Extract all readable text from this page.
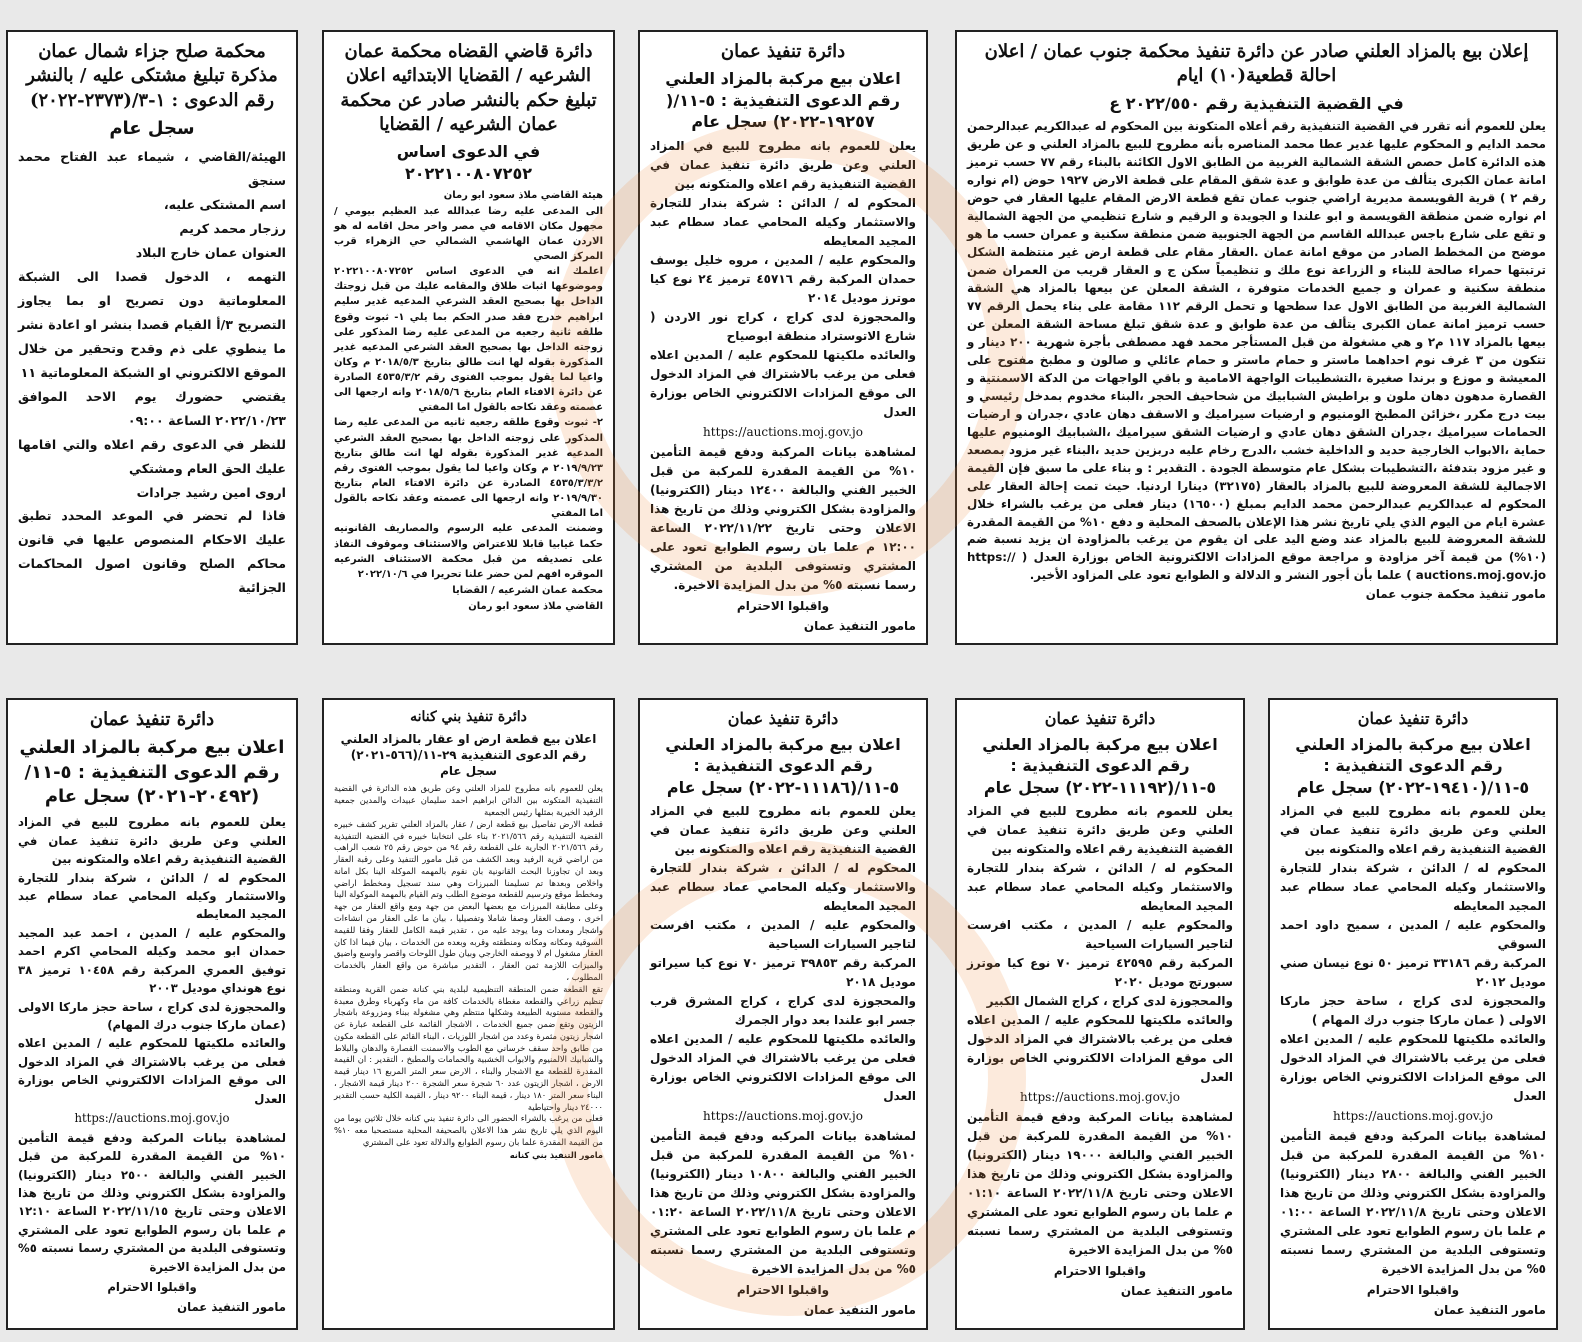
إعلان بيع بالمزاد العلني صادر عن دائرة تنفيذ محكمة جنوب عمان / اعلان احالة قطعية(١٠) ايام
في القضية التنفيذية رقم ٢٠٢٢/٥٥٠ ع

يعلن للعموم أنه تقرر في القضية التنفيذية رقم أعلاه المتكونة بين المحكوم له عبدالكريم عبدالرحمن محمد الدايم و المحكوم عليها غدير عطا محمد المناصره بأنه مطروح للبيع بالمزاد العلني و عن طريق هذه الدائرة كامل حصص الشقة الشمالية الغربية من الطابق الاول الكائنة بالبناء رقم ٧٧ حسب ترميز امانة عمان الكبرى يتألف من عدة طوابق و عدة شقق المقام على قطعة الارض ١٩٢٧ حوض (ام نواره رقم ٢ ) قرية القويسمة مديرية اراضي جنوب عمان تقع قطعة الارض المقام عليها العقار في حوض ام نواره ضمن منطقة القويسمة و ابو علندا و الجويدة و الرقيم و شارع تنظيمي من الجهة الشمالية و تقع على شارع باجس عبدالله القاسم من الجهة الجنوبية ضمن منطقة سكنية و عمران حسب ما هو موضح من المخطط الصادر من موقع امانة عمان .العقار مقام على قطعة ارض غير منتظمة الشكل ترتبتها حمراء صالحة للبناء و الزراعة نوع ملك و تنظيمياً سكن ج و العقار قريب من العمران ضمن منطقة سكنية و عمران و جميع الخدمات متوفرة ، الشقة المعلن عن بيعها بالمزاد هي الشقة الشمالية الغربية من الطابق الاول عدا سطحها و تحمل الرقم ١١٢ مقامة على بناء يحمل الرقم ٧٧ حسب ترميز امانة عمان الكبرى يتألف من عدة طوابق و عدة شقق تبلغ مساحة الشقة المعلن عن بيعها بالمزاد ١١٧ م٢ و هي مشغولة من قبل المستأجر محمد فهد مصطفى بأجرة شهرية ٢٠٠ دينار و تتكون من ٣ غرف نوم احداهما ماستر و حمام ماستر و حمام عائلي و صالون و مطبخ مفتوح على المعيشة و موزع و برندا صغيرة ،التشطيبات الواجهة الامامية و باقي الواجهات من الدكة الاسمنتية و القصارة مدهون دهان ملون و براطيش الشبابيك من شحاحيف الحجر ،البناء مخدوم بمدخل رئيسي و بيت درج مكرر ،خزائن المطبخ الومنيوم و ارضيات سيراميك و الاسقف دهان عادي ،جدران و ارضيات الحمامات سيراميك ،جدران الشقق دهان عادي و ارضيات الشقق سيراميك ،الشبابيك الومنيوم عليها حماية ،الابواب الخارجية حديد و الداخلية خشب ،الدرج رخام عليه دربزين حديد ،البناء غير مزود بمصعد و غير مزود بتدفئة ،التشطيبات بشكل عام متوسطة الجودة . التقدير : و بناء على ما سبق فإن القيمة الاجمالية للشقة المعروضة للبيع بالمزاد بالعقار (٣٢١٧٥) دينارا اردنيا. حيث تمت إحالة العقار على المحكوم له عبدالكريم عبدالرحمن محمد الدايم بمبلغ (١٦٥٠٠) دينار فعلى من يرغب بالشراء خلال عشرة ايام من اليوم الذي يلي تاريخ نشر هذا الإعلان بالصحف المحلية و دفع ١٠% من القيمة المقدرة للشقة المعروضة للبيع بالمزاد عند وضع اليد على ان يقوم من يرغب بالمزاودة ان يزيد نسبة ضم (١٠%) من قيمة آخر مزاودة و مراجعة موقع المزادات الالكترونية الخاص بوزارة العدل ( https:// auctions.moj.gov.jo ) علما بأن أجور النشر و الدلالة و الطوابع تعود على المزاود الأخير.

مامور تنفيذ محكمة جنوب عمان
دائرة تنفيذ عمان
اعلان بيع مركبة بالمزاد العلني رقم الدعوى التنفيذية : ٥-١١/( ١٩٢٥٧-٢٠٢٢) سجل عام

يعلن للعموم بانه مطروح للبيع في المزاد العلني وعن طريق دائرة تنفيذ عمان في القضية التنفيذية رقم اعلاه والمتكونه بين

المحكوم له / الدائن : شركة بندار للتجارة والاستثمار وكيله المحامي عماد سطام عبد المجيد المعايطه

والمحكوم عليه / المدين ، مروه خليل يوسف حمدان المركبة رقم ٤٥٧١٦ ترميز ٢٤ نوع كيا موترز موديل ٢٠١٤

والمحجوزة لدى كراج ، كراج نور الاردن ( شارع الاتوستراد منطقة ابوصياح

والعائده ملكيتها للمحكوم عليه / المدين اعلاه فعلى من يرغب بالاشتراك في المزاد الدخول الى موقع المزادات الالكتروني الخاص بوزارة العدل

https://auctions.moj.gov.jo

لمشاهدة بيانات المركبة ودفع قيمة التأمين ١٠% من القيمة المقدرة للمركبة من قبل الخبير الفني والبالغة ١٢٤٠٠ دينار (الكترونيا) والمزاودة بشكل الكتروني وذلك من تاريخ هذا الاعلان وحتى تاريخ ٢٠٢٢/١١/٢٢ الساعة ١٢:٠٠ م علما بان رسوم الطوابع تعود على المشتري وتستوفى البلدية من المشتري رسما نسبته ٥% من بدل المزايدة الاخيرة.

واقبلوا الاحترام
مامور التنفيذ عمان
دائرة قاضي القضاه محكمة عمان الشرعيه / القضايا الابتدائيه اعلان تبليغ حكم بالنشر صادر عن محكمة عمان الشرعيه / القضايا
في الدعوى اساس ٢٠٢٢١٠٠٨٠٧٢٥٢

هيئة القاضي ملاذ سعود ابو رمان

الى المدعى عليه رضا عبدالله عبد العظيم بيومي / مجهول مكان الاقامه في مصر واخر محل اقامه له هو الاردن عمان الهاشمي الشمالي حي الزهراء قرب المركز الصحي

اعلمك انه في الدعوى اساس ٢٠٢٢١٠٠٨٠٧٢٥٢ وموضوعها اثبات طلاق والمقامه عليك من قبل زوجتك الداخل بها بصحيح العقد الشرعي المدعيه غدير سليم ابراهيم خدرج فقد صدر الحكم بما يلي ١- ثبوت وقوع طلقه ثانية رجعيه من المدعى عليه رضا المذكور على زوجته الداخل بها بصحيح العقد الشرعي المدعيه غدير المذكورة بقوله لها انت طالق بتاريخ ٢٠١٨/٥/٣ م وكان واعيا لما يقول بموجب الفتوى رقم ٤٥٣٥/٣/٢ الصادرة عن دائرة الافتاء العام بتاريخ ٢٠١٨/٥/٦ وانه ارجعها الى عصمته وعقد نكاحه بالقول اما المفتي

٢- ثبوت وقوع طلقه رجعيه ثانيه من المدعى عليه رضا المذكور على زوجته الداخل بها بصحيح العقد الشرعي المدعيه غدير المذكورة بقوله لها انت طالق بتاريخ ٢٠١٩/٩/٢٣ م وكان واعيا لما يقول بموجب الفتوى رقم ٤٥٣٥/٣/٣/٢ الصادرة عن دائرة الافتاء العام بتاريخ ٢٠١٩/٩/٣٠ وانه ارجعها الى عصمته وعقد نكاحه بالقول اما المفتي

وضمنت المدعى عليه الرسوم والمصاريف القانونيه حكما غيابيا قابلا للاعتراض والاستئناف وموقوف النفاذ على تصديقه من قبل محكمة الاستئناف الشرعيه الموقره افهم لمن حضر علنا تحريرا في ٢٠٢٢/١٠/٦

محكمة عمان الشرعيه / القضايا
القاضي ملاذ سعود ابو رمان
محكمة صلح جزاء شمال عمان مذكرة تبليغ مشتكى عليه / بالنشر رقم الدعوى : ١-٣/(٢٣٧٣-٢٠٢٢)
سجل عام

الهيئة/القاضي ، شيماء عبد الفتاح محمد سنجق

اسم المشتكى عليه،

رزجار محمد كريم

العنوان عمان خارج البلاد

التهمه ، الدخول قصدا الى الشبكة المعلوماتية دون تصريح او بما يجاوز التصريح ٣/أ القيام قصدا بنشر او اعادة نشر ما ينطوي على ذم وقدح وتحقير من خلال الموقع الالكتروني او الشبكة المعلوماتية ١١

يقتضي حضورك يوم الاحد الموافق ٢٠٢٢/١٠/٢٣ الساعة ٠٩:٠٠

للنظر في الدعوى رقم اعلاه والتي اقامها عليك الحق العام ومشتكي

اروى امين رشيد جرادات

فاذا لم تحضر في الموعد المحدد تطبق عليك الاحكام المنصوص عليها في قانون محاكم الصلح وقانون اصول المحاكمات الجزائية

دائرة تنفيذ عمان
اعلان بيع مركبة بالمزاد العلني رقم الدعوى التنفيذية : ٥-١١/(١٩٤١٠-٢٠٢٢) سجل عام

يعلن للعموم بانه مطروح للبيع في المزاد العلني وعن طريق دائرة تنفيذ عمان في القضية التنفيذية رقم اعلاه والمتكونه بين

المحكوم له / الدائن ، شركة بندار للتجارة والاستثمار وكيله المحامي عماد سطام عبد المجيد المعايطه

والمحكوم عليه / المدين ، سميح داود احمد السوقي

المركبة رقم ٣٣١٨٦ ترميز ٥٠ نوع نيسان صني موديل ٢٠١٢

والمحجوزة لدى كراج ، ساحة حجز ماركا الاولى ( عمان ماركا جنوب درك المهام )

والعائده ملكيتها للمحكوم عليه / المدين اعلاه فعلى من يرغب بالاشتراك في المزاد الدخول الى موقع المزادات الالكتروني الخاص بوزارة العدل

https://auctions.moj.gov.jo

لمشاهدة بيانات المركبة ودفع قيمة التأمين ١٠% من القيمة المقدرة للمركبة من قبل الخبير الفني والبالغة ٢٨٠٠ دينار (الكترونيا) والمزاودة بشكل الكتروني وذلك من تاريخ هذا الاعلان وحتى تاريخ ٢٠٢٢/١١/٨ الساعة ٠١:٠٠ م علما بان رسوم الطوابع تعود على المشتري وتستوفى البلدية من المشتري رسما نسبته ٥% من بدل المزايدة الاخيرة

واقبلوا الاحترام
مامور التنفيذ عمان
دائرة تنفيذ عمان
اعلان بيع مركبة بالمزاد العلني رقم الدعوى التنفيذية : ٥-١١/(١١١٩٢-٢٠٢٢) سجل عام

يعلن للعموم بانه مطروح للبيع في المزاد العلني وعن طريق دائرة تنفيذ عمان في القضية التنفيذية رقم اعلاه والمتكونه بين

المحكوم له / الدائن ، شركة بندار للتجارة والاستثمار وكيله المحامي عماد سطام عبد المجيد المعايطه

والمحكوم عليه / المدين ، مكتب افرست لتاجير السيارات السياحية

المركبة رقم ٤٢٥٩٥ ترميز ٧٠ نوع كيا موترز سبورتج موديل ٢٠٢٠

والمحجوزة لدى كراج ، كراج الشمال الكبير

والعائده ملكيتها للمحكوم عليه / المدين اعلاه فعلى من يرغب بالاشتراك في المزاد الدخول الى موقع المزادات الالكتروني الخاص بوزارة العدل

https://auctions.moj.gov.jo

لمشاهدة بيانات المركبة ودفع قيمة التأمين ١٠% من القيمة المقدرة للمركبة من قبل الخبير الفني والبالغة ١٩٠٠٠ دينار (الكترونيا) والمزاودة بشكل الكتروني وذلك من تاريخ هذا الاعلان وحتى تاريخ ٢٠٢٢/١١/٨ الساعة ٠١:١٠ م علما بان رسوم الطوابع تعود على المشتري وتستوفى البلدية من المشتري رسما نسبته ٥% من بدل المزايدة الاخيرة

واقبلوا الاحترام
مامور التنفيذ عمان
دائرة تنفيذ عمان
اعلان بيع مركبة بالمزاد العلني رقم الدعوى التنفيذية : ٥-١١/(١١١٨٦-٢٠٢٢) سجل عام

يعلن للعموم بانه مطروح للبيع في المزاد العلني وعن طريق دائرة تنفيذ عمان في القضية التنفيذية رقم اعلاه والمتكونه بين

المحكوم له / الدائن ، شركة بندار للتجارة والاستثمار وكيله المحامي عماد سطام عبد المجيد المعايطه

والمحكوم عليه / المدين ، مكتب افرست لتاجير السيارات السياحية

المركبة رقم ٣٩٨٥٣ ترميز ٧٠ نوع كيا سيراتو موديل ٢٠١٨

والمحجوزة لدى كراج ، كراج المشرق قرب جسر ابو علندا بعد دوار الجمرك

والعائده ملكيتها للمحكوم عليه / المدين اعلاه فعلى من يرغب بالاشتراك في المزاد الدخول الى موقع المزادات الالكتروني الخاص بوزارة العدل

https://auctions.moj.gov.jo

لمشاهدة بيانات المركبه ودفع قيمة التأمين ١٠% من القيمة المقدرة للمركبة من قبل الخبير الفني والبالغة ١٠٨٠٠ دينار (الكترونيا) والمزاودة بشكل الكتروني وذلك من تاريخ هذا الاعلان وحتى تاريخ ٢٠٢٢/١١/٨ الساعة ٠١:٢٠ م علما بان رسوم الطوابع تعود على المشتري وتستوفى البلدية من المشتري رسما نسبته ٥% من بدل المزايدة الاخيرة

واقبلوا الاحترام
مامور التنفيذ عمان
دائرة تنفيذ بني كنانه
اعلان بيع قطعة ارض او عقار بالمزاد العلني رقم الدعوى التنفيذية ٢٩-١١/(٥٦٦-٢٠٢١) سجل عام

يعلن للعموم بانه مطروح للمزاد العلني وعن طريق هذه الدائرة في القضية التنفيذية المتكونه بين الدائن ابراهيم احمد سليمان عبيدات والمدين جمعية الرفيد الخيرية بمثلها رئيس الجمعية

قطعة الارض تفاصيل بيع قطعة ارض / عقار بالمزاد العلني تقرير كشف خبيره القضية التنفيذية رقم ٢٠٢١/٥٦٦ بناء على انتخابنا خبيره في القضية التنفيذية رقم ٢٠٢١/٥٦٦ الجارية على القطعة رقم ٩٤ من حوض رقم ٢٥ شعب الراهب من اراضي قرية الرفيد وبعد الكشف من قبل مامور التنفيذ وعلى رقبة العقار وبعد ان تجاوزنا البحث القانونية بان نقوم بالمهمه الموكلة الينا بكل امانة واخلاص وبعدها تم تسليمنا المبرزات وهي سند تسجيل ومخطط اراضي ومخطط موقع وترسيم للقطعة موضوع الطلب وتم القيام بالمهمة الموكولة الينا وعلى مطابقة المبرزات مع بعضها البعض من جهة ومع واقع العقار من جهة اخرى ، وصف العقار وصفا شاملا وتفصيليا ، بيان ما على العقار من انشاءات واشجار ومعدات وما يوجد عليه من ، تقدير قيمة الكامل للعقار وفقا للقيمة السوقية ومكانه ومكانه ومنطقته وقربه وبعده من الخدمات ، بيان فيما اذا كان العقار مشغول ام لا ووصفه الخارجي وبيان طول اللوحات واقصر واوسع واضيق والميزات اللازمة ثمن العقار ، التقدير مباشرة من واقع العقار بالخدمات المطلوب ،

تقع القطعة ضمن المنطقة التنظيمية لبلدية بني كنانة ضمن القرية ومنطقة تنظيم زراعي والقطعة مغطاة بالخدمات كافة من ماء وكهرباء وطرق معبدة والقطعة مستوية الطبيعة وشكلها منتظم وهي مشغولة ببناء ومزروعة باشجار الزيتون وتقع ضمن جميع الخدمات ، الاشجار القائمة على القطعة عبارة عن اشجار زيتون مثمرة وعدد من اشجار اللوزيات ، البناء القائم على القطعة مكون من طابق واحد سقف خرساني مع الطوب والاسمنت القصارة والدهان والبلاط والشبابيك الالمنيوم والابواب الخشبية والحمامات والمطبخ ، التقدير : ان القيمة المقدرة للقطعة مع الاشجار والبناء ، الارض سعر المتر المربع ١٦ دينار قيمة الارض ، اشجار الزيتون عدد ٦٠ شجرة سعر الشجرة ٢٠٠ دينار قيمة الاشجار ، البناء سعر المتر ١٨٠ دينار ، قيمة البناء ٩٢٠٠ دينار ، القيمة الكلية حسب التقدير ٢٤٠٠٠ دينار واحتياطية

فعلى من يرغب بالشراء الحضور الى دائرة تنفيذ بني كنانه خلال ثلاثين يوما من اليوم الذي يلي تاريخ نشر هذا الاعلان بالصحيفة المحلية مستصحبا معه ١٠% من القيمة المقدرة علما بان رسوم الطوابع والدلالة تعود على المشتري

مامور التنفيذ بني كنانه
دائرة تنفيذ عمان
اعلان بيع مركبة بالمزاد العلني رقم الدعوى التنفيذية : ٥-١١/ (٢٠٤٩٢-٢٠٢١) سجل عام

يعلن للعموم بانه مطروح للبيع في المزاد العلني وعن طريق دائرة تنفيذ عمان في القضية التنفيذية رقم اعلاه والمتكونه بين

المحكوم له / الدائن ، شركة بندار للتجارة والاستثمار وكيله المحامي عماد سطام عبد المجيد المعايطه

والمحكوم عليه / المدين ، احمد عبد المجيد حمدان ابو محمد وكيله المحامي اكرم احمد توفيق العمري المركبة رقم ١٠٤٥٨ ترميز ٣٨ نوع هونداي موديل ٢٠٠٣

والمحجوزة لدى كراج ، ساحة حجز ماركا الاولى (عمان ماركا جنوب درك المهام)

والعائده ملكيتها للمحكوم عليه / المدين اعلاه فعلى من يرغب بالاشتراك في المزاد الدخول الى موقع المزادات الالكتروني الخاص بوزارة العدل

https://auctions.moj.gov.jo

لمشاهدة بيانات المركبة ودفع قيمة التأمين ١٠% من القيمة المقدرة للمركبة من قبل الخبير الفني والبالغة ٢٥٠٠ دينار (الكترونيا) والمزاودة بشكل الكتروني وذلك من تاريخ هذا الاعلان وحتى تاريخ ٢٠٢٢/١١/١٥ الساعة ١٢:١٠ م علما بان رسوم الطوابع تعود على المشتري وتستوفى البلدية من المشتري رسما نسبته ٥% من بدل المزايدة الاخيرة

واقبلوا الاحترام
مامور التنفيذ عمان
